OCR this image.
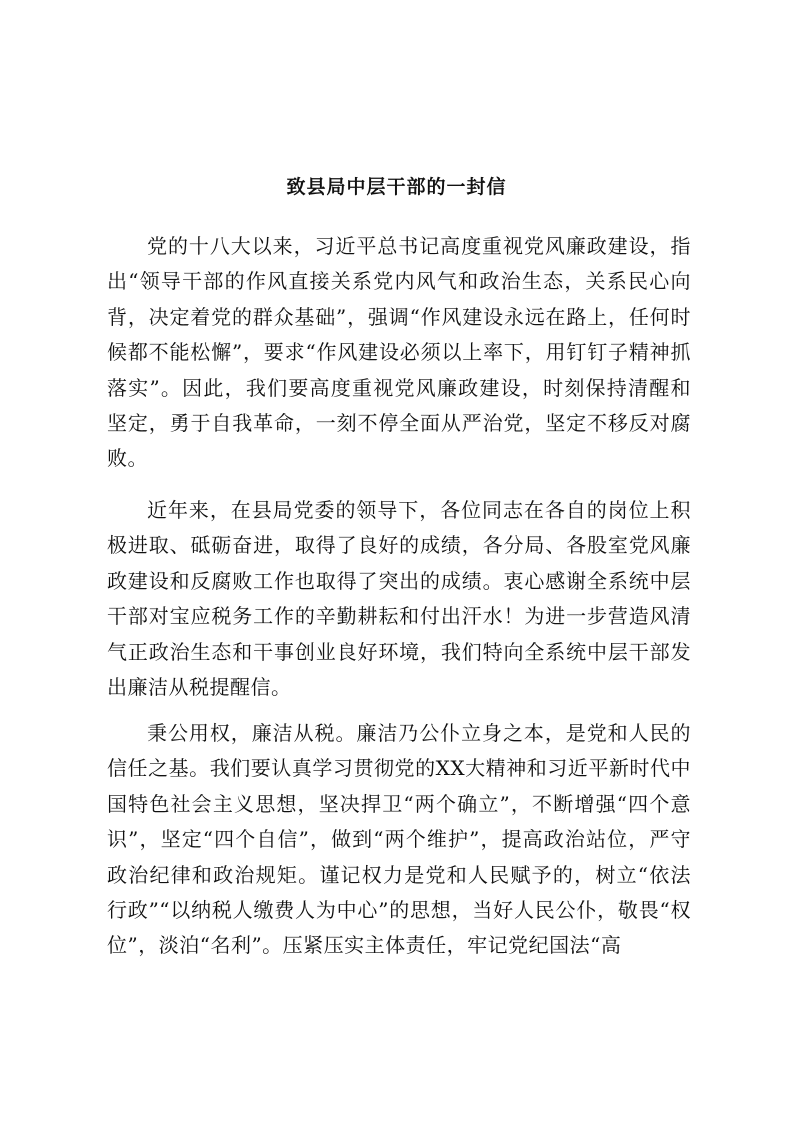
致县局中层干部的一封信

党的十八大以来，习近平总书记高度重视党风廉政建设，指出“领导干部的作风直接关系党内风气和政治生态，关系民心向背，决定着党的群众基础”，强调“作风建设永远在路上，任何时候都不能松懈”，要求“作风建设必须以上率下，用钉钉子精神抓落实”。因此，我们要高度重视党风廉政建设，时刻保持清醒和坚定，勇于自我革命，一刻不停全面从严治党，坚定不移反对腐败。

近年来，在县局党委的领导下，各位同志在各自的岗位上积极进取、砥砺奋进，取得了良好的成绩，各分局、各股室党风廉政建设和反腐败工作也取得了突出的成绩。衷心感谢全系统中层干部对宝应税务工作的辛勤耕耘和付出汗水！为进一步营造风清气正政治生态和干事创业良好环境，我们特向全系统中层干部发出廉洁从税提醒信。

秉公用权，廉洁从税。廉洁乃公仆立身之本，是党和人民的信任之基。我们要认真学习贯彻党的XX大精神和习近平新时代中国特色社会主义思想，坚决捍卫“两个确立”，不断增强“四个意识”，坚定“四个自信”，做到“两个维护”，提高政治站位，严守政治纪律和政治规矩。谨记权力是党和人民赋予的，树立“依法行政”“以纳税人缴费人为中心”的思想，当好人民公仆，敬畏“权位”，淡泊“名利”。压紧压实主体责任，牢记党纪国法“高
